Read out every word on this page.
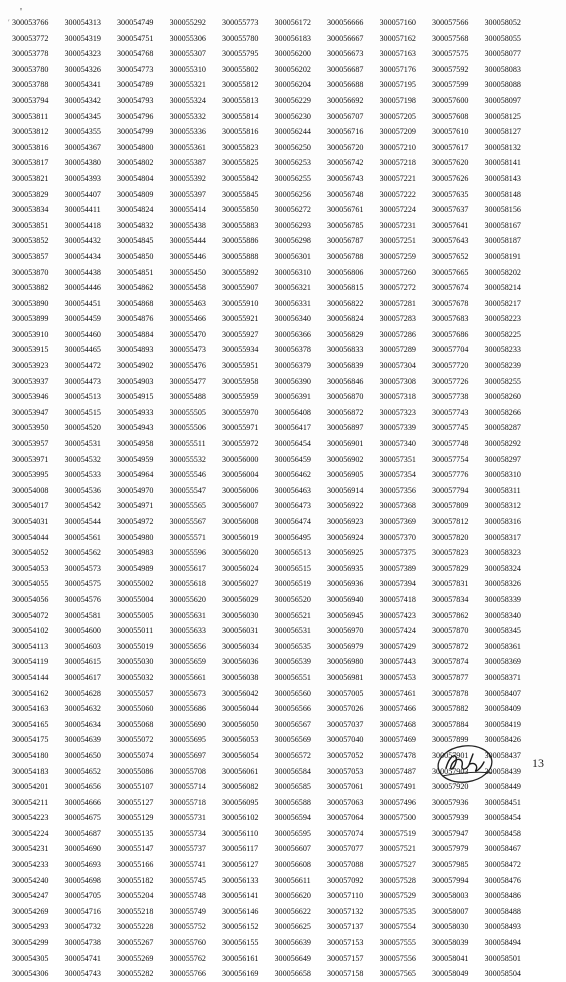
'
′ 300053766	300054313	300054749	300055292	300055773	300056172	300056666	300057160	300057566	300058052
300053772	300054319	300054751	300055306	300055780	300056183	300056667	300057162	300057568	300058055
300053778	300054323	300054768	300055307	300055795	300056200	300056673	300057163	300057575	300058077
300053780	300054326	300054773	300055310	300055802	300056202	300056687	300057176	300057592	300058083
300053788	300054341	300054789	300055321	300055812	300056204	300056688	300057195	300057599	300058088
300053794	300054342	300054793	300055324	300055813	300056229	300056692	300057198	300057600	300058097
300053811	300054345	300054796	300055332	300055814	300056230	300056707	300057205	300057608	300058125
300053812	300054355	300054799	300055336	300055816	300056244	300056716	300057209	300057610	300058127
300053816	300054367	300054800	300055361	300055823	300056250	300056720	300057210	300057617	300058132
300053817	300054380	300054802	300055387	300055825	300056253	300056742	300057218	300057620	300058141
300053821	300054393	300054804	300055392	300055842	300056255	300056743	300057221	300057626	300058143
300053829	300054407	300054809	300055397	300055845	300056256	300056748	300057222	300057635	300058148
300053834	300054411	300054824	300055414	300055850	300056272	300056761	300057224	300057637	300058156
300053851	300054418	300054832	300055438	300055883	300056293	300056785	300057231	300057641	300058167
300053852	300054432	300054845	300055444	300055886	300056298	300056787	300057251	300057643	300058187
300053857	300054434	300054850	300055446	300055888	300056301	300056788	300057259	300057652	300058191
300053870	300054438	300054851	300055450	300055892	300056310	300056806	300057260	300057665	300058202
300053882	300054446	300054862	300055458	300055907	300056321	300056815	300057272	300057674	300058214
300053890	300054451	300054868	300055463	300055910	300056331	300056822	300057281	300057678	300058217
300053899	300054459	300054876	300055466	300055921	300056340	300056824	300057283	300057683	300058223
300053910	300054460	300054884	300055470	300055927	300056366	300056829	300057286	300057686	300058225
300053915	300054465	300054893	300055473	300055934	300056378	300056833	300057289	300057704	300058233
300053923	300054472	300054902	300055476	300055951	300056379	300056839	300057304	300057720	300058239
300053937	300054473	300054903	300055477	300055958	300056390	300056846	300057308	300057726	300058255
300053946	300054513	300054915	300055488	300055959	300056391	300056870	300057318	300057738	300058260
300053947	300054515	300054933	300055505	300055970	300056408	300056872	300057323	300057743	300058266
300053950	300054520	300054943	300055506	300055971	300056417	300056897	300057339	300057745	300058287
300053957	300054531	300054958	300055511	300055972	300056454	300056901	300057340	300057748	300058292
300053971	300054532	300054959	300055532	300056000	300056459	300056902	300057351	300057754	300058297
300053995	300054533	300054964	300055546	300056004	300056462	300056905	300057354	300057776	300058310
300054008	300054536	300054970	300055547	300056006	300056463	300056914	300057356	300057794	300058311
300054017	300054542	300054971	300055565	300056007	300056473	300056922	300057368	300057809	300058312
300054031	300054544	300054972	300055567	300056008	300056474	300056923	300057369	300057812	300058316
300054044	300054561	300054980	300055571	300056019	300056495	300056924	300057370	300057820	300058317
300054052	300054562	300054983	300055596	300056020	300056513	300056925	300057375	300057823	300058323
300054053	300054573	300054989	300055617	300056024	300056515	300056935	300057389	300057829	300058324
300054055	300054575	300055002	300055618	300056027	300056519	300056936	300057394	300057831	300058326
300054056	300054576	300055004	300055620	300056029	300056520	300056940	300057418	300057834	300058339
300054072	300054581	300055005	300055631	300056030	300056521	300056945	300057423	300057862	300058340
300054102	300054600	300055011	300055633	300056031	300056531	300056970	300057424	300057870	300058345
300054113	300054603	300055019	300055656	300056034	300056535	300056979	300057429	300057872	300058361
300054119	300054615	300055030	300055659	300056036	300056539	300056980	300057443	300057874	300058369
300054144	300054617	300055032	300055661	300056038	300056551	300056981	300057453	300057877	300058371
300054162	300054628	300055057	300055673	300056042	300056560	300057005	300057461	300057878	300058407
300054163	300054632	300055060	300055686	300056044	300056566	300057026	300057466	300057882	300058409
300054165	300054634	300055068	300055690	300056050	300056567	300057037	300057468	300057884	300058419
300054175	300054639	300055072	300055695	300056053	300056569	300057040	300057469	300057899	300058426
300054180	300054650	300055074	300055697	300056054	300056572	300057052	300057478	300057901	300058437
300054183	300054652	300055086	300055708	300056061	300056584	300057053	300057487	300057903	300058439
300054201	300054656	300055107	300055714	300056082	300056585	300057061	300057491	300057920	300058449
300054211	300054666	300055127	300055718	300056095	300056588	300057063	300057496	300057936	300058451
300054223	300054675	300055129	300055731	300056102	300056594	300057064	300057500	300057939	300058454
300054224	300054687	300055135	300055734	300056110	300056595	300057074	300057519	300057947	300058458
300054231	300054690	300055147	300055737	300056117	300056607	300057077	300057521	300057979	300058467
300054233	300054693	300055166	300055741	300056127	300056608	300057088	300057527	300057985	300058472
300054240	300054698	300055182	300055745	300056133	300056611	300057092	300057528	300057994	300058476
300054247	300054705	300055204	300055748	300056141	300056620	300057110	300057529	300058003	300058486
300054269	300054716	300055218	300055749	300056146	300056622	300057132	300057535	300058007	300058488
300054293	300054732	300055228	300055752	300056152	300056625	300057137	300057554	300058030	300058493
300054299	300054738	300055267	300055760	300056155	300056639	300057153	300057555	300058039	300058494
300054305	300054741	300055269	300055762	300056161	300056649	300057157	300057556	300058041	300058501
300054306	300054743	300055282	300055766	300056169	300056658	300057158	300057565	300058049	300058504
13
